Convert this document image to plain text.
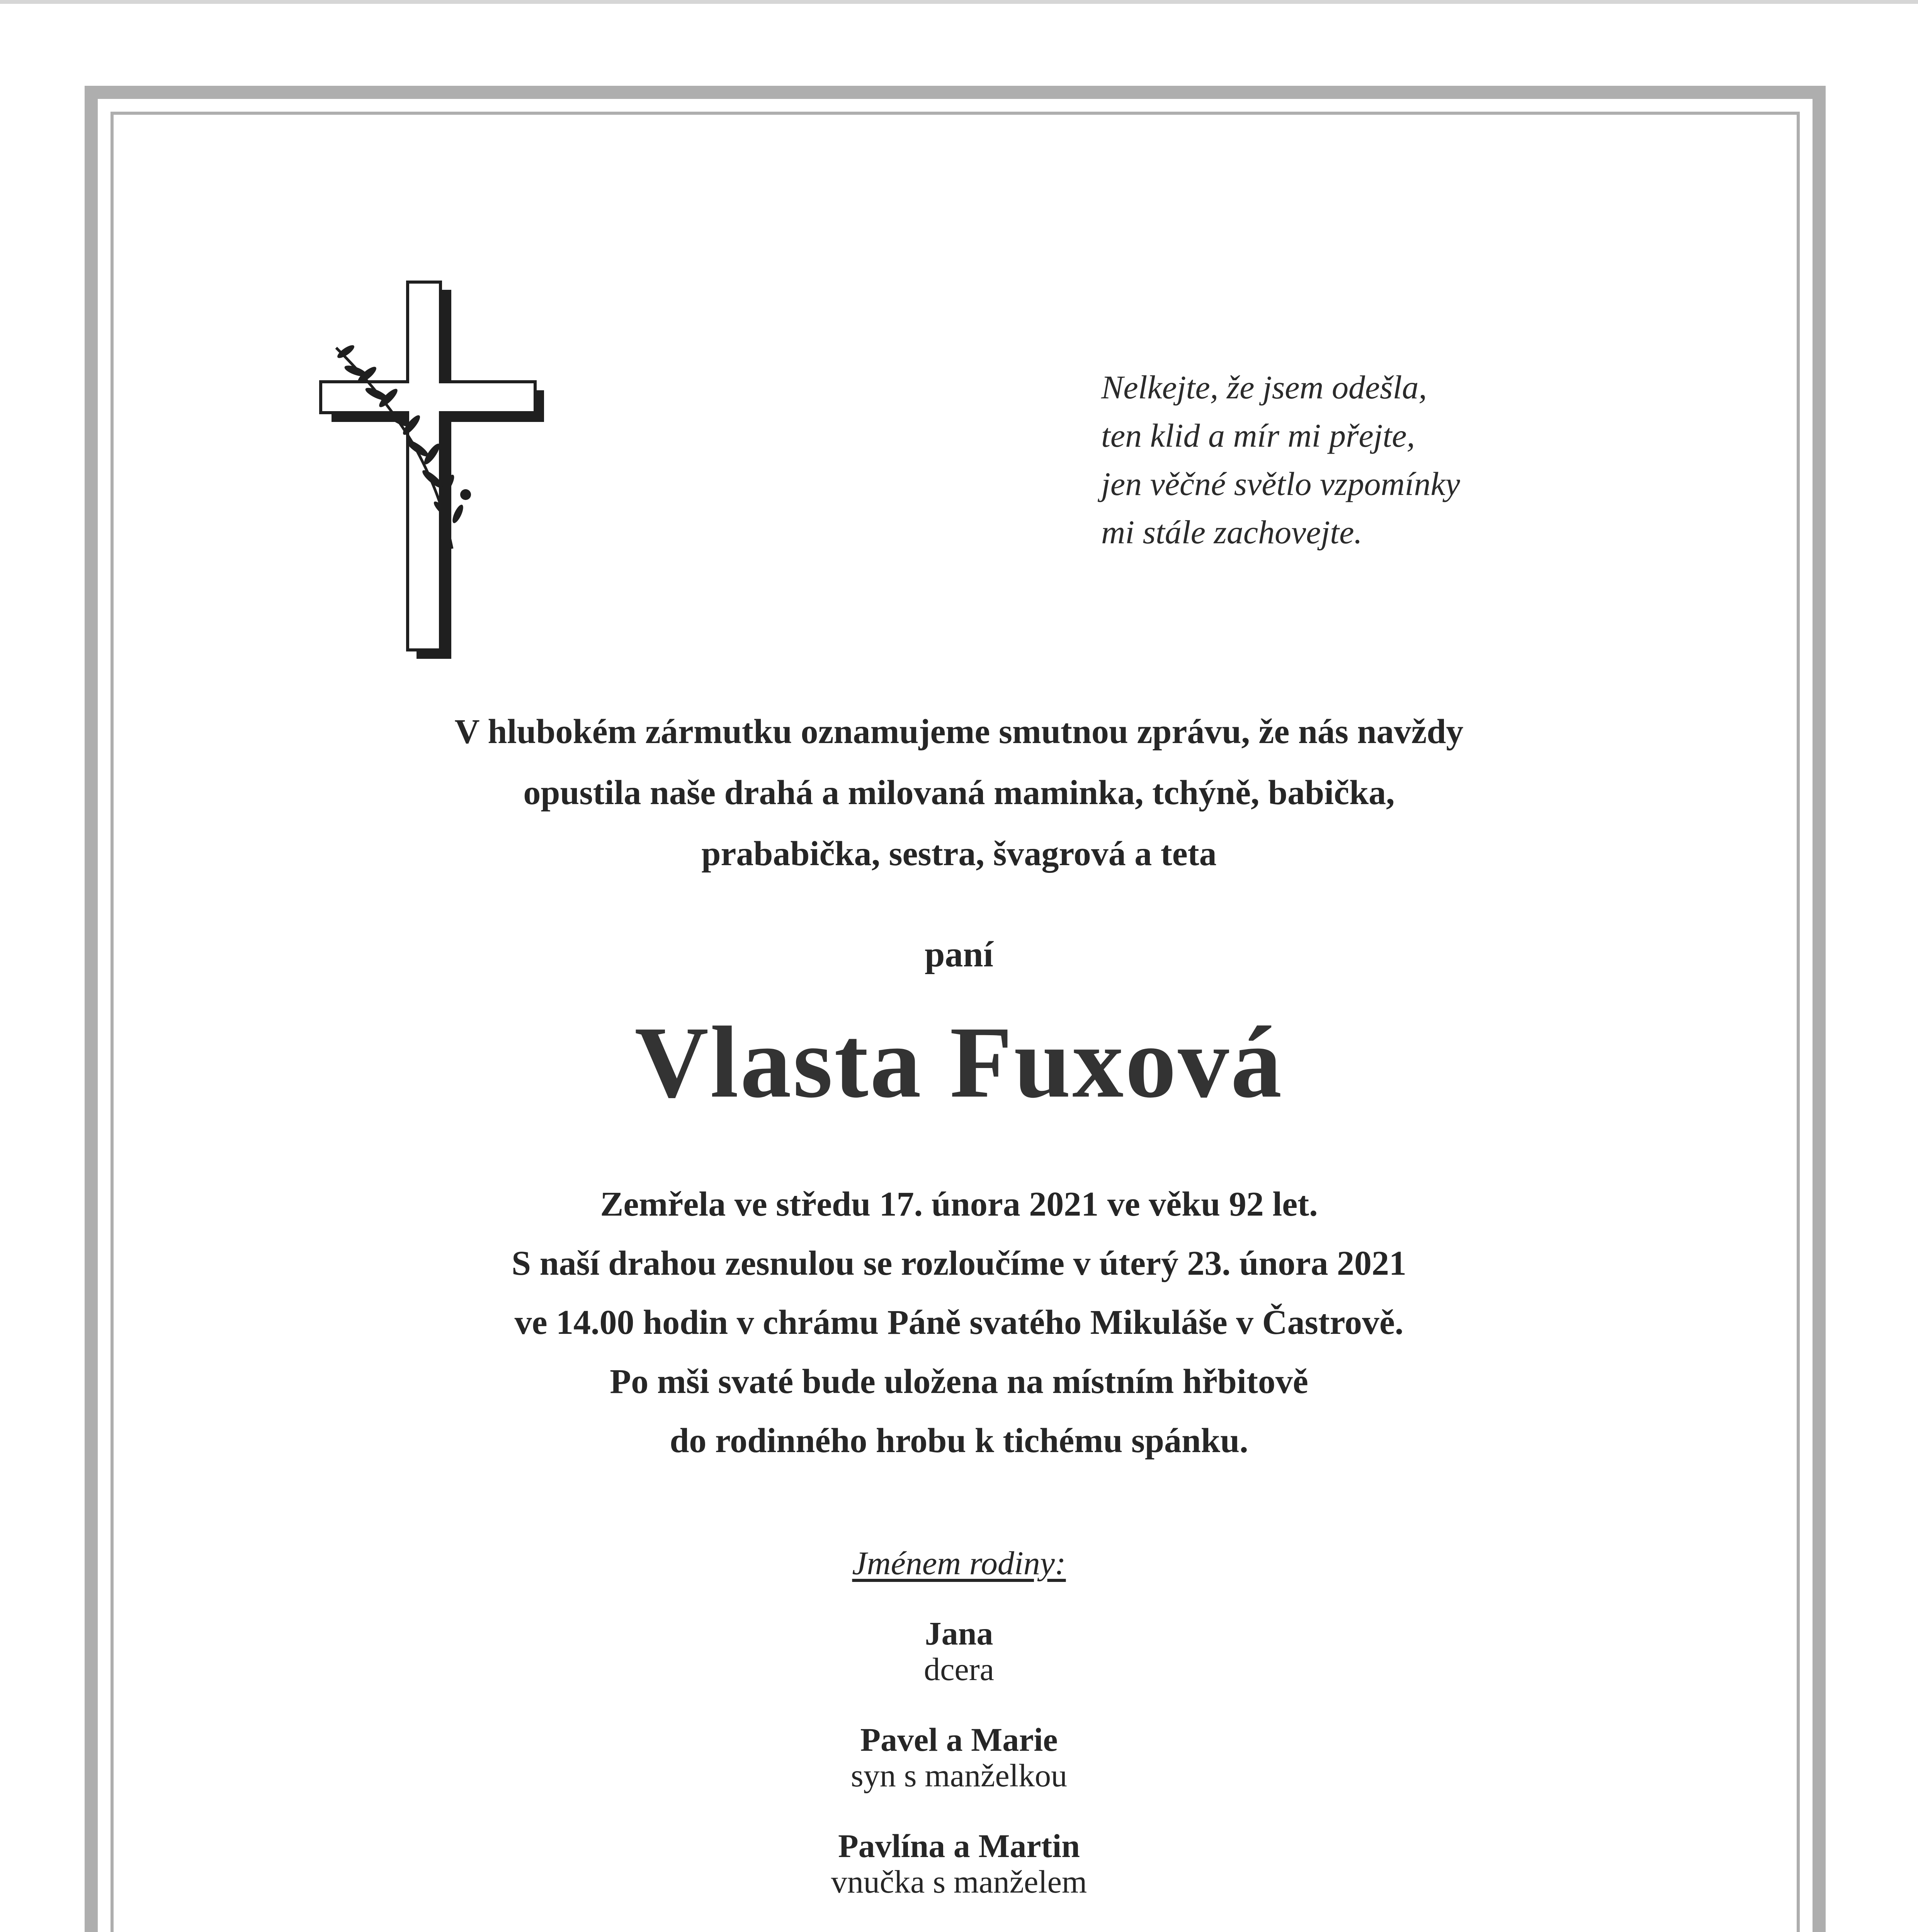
Nelkejte, že jsem odešla,
ten klid a mír mi přejte,
jen věčné světlo vzpomínky
mi stále zachovejte.
V hlubokém zármutku oznamujeme smutnou zprávu, že nás navždy
opustila naše drahá a milovaná maminka, tchýně, babička,
prababička, sestra, švagrová a teta
paní
Vlasta Fuxová
Zemřela ve středu 17. února 2021 ve věku 92 let.
S naší drahou zesnulou se rozloučíme v úterý 23. února 2021
ve 14.00 hodin v chrámu Páně svatého Mikuláše v Častrově.
Po mši svaté bude uložena na místním hřbitově
do rodinného hrobu k tichému spánku.
Jménem rodiny:
Jana
dcera
Pavel a Marie
syn s manželkou
Pavlína a Martin
vnučka s manželem
